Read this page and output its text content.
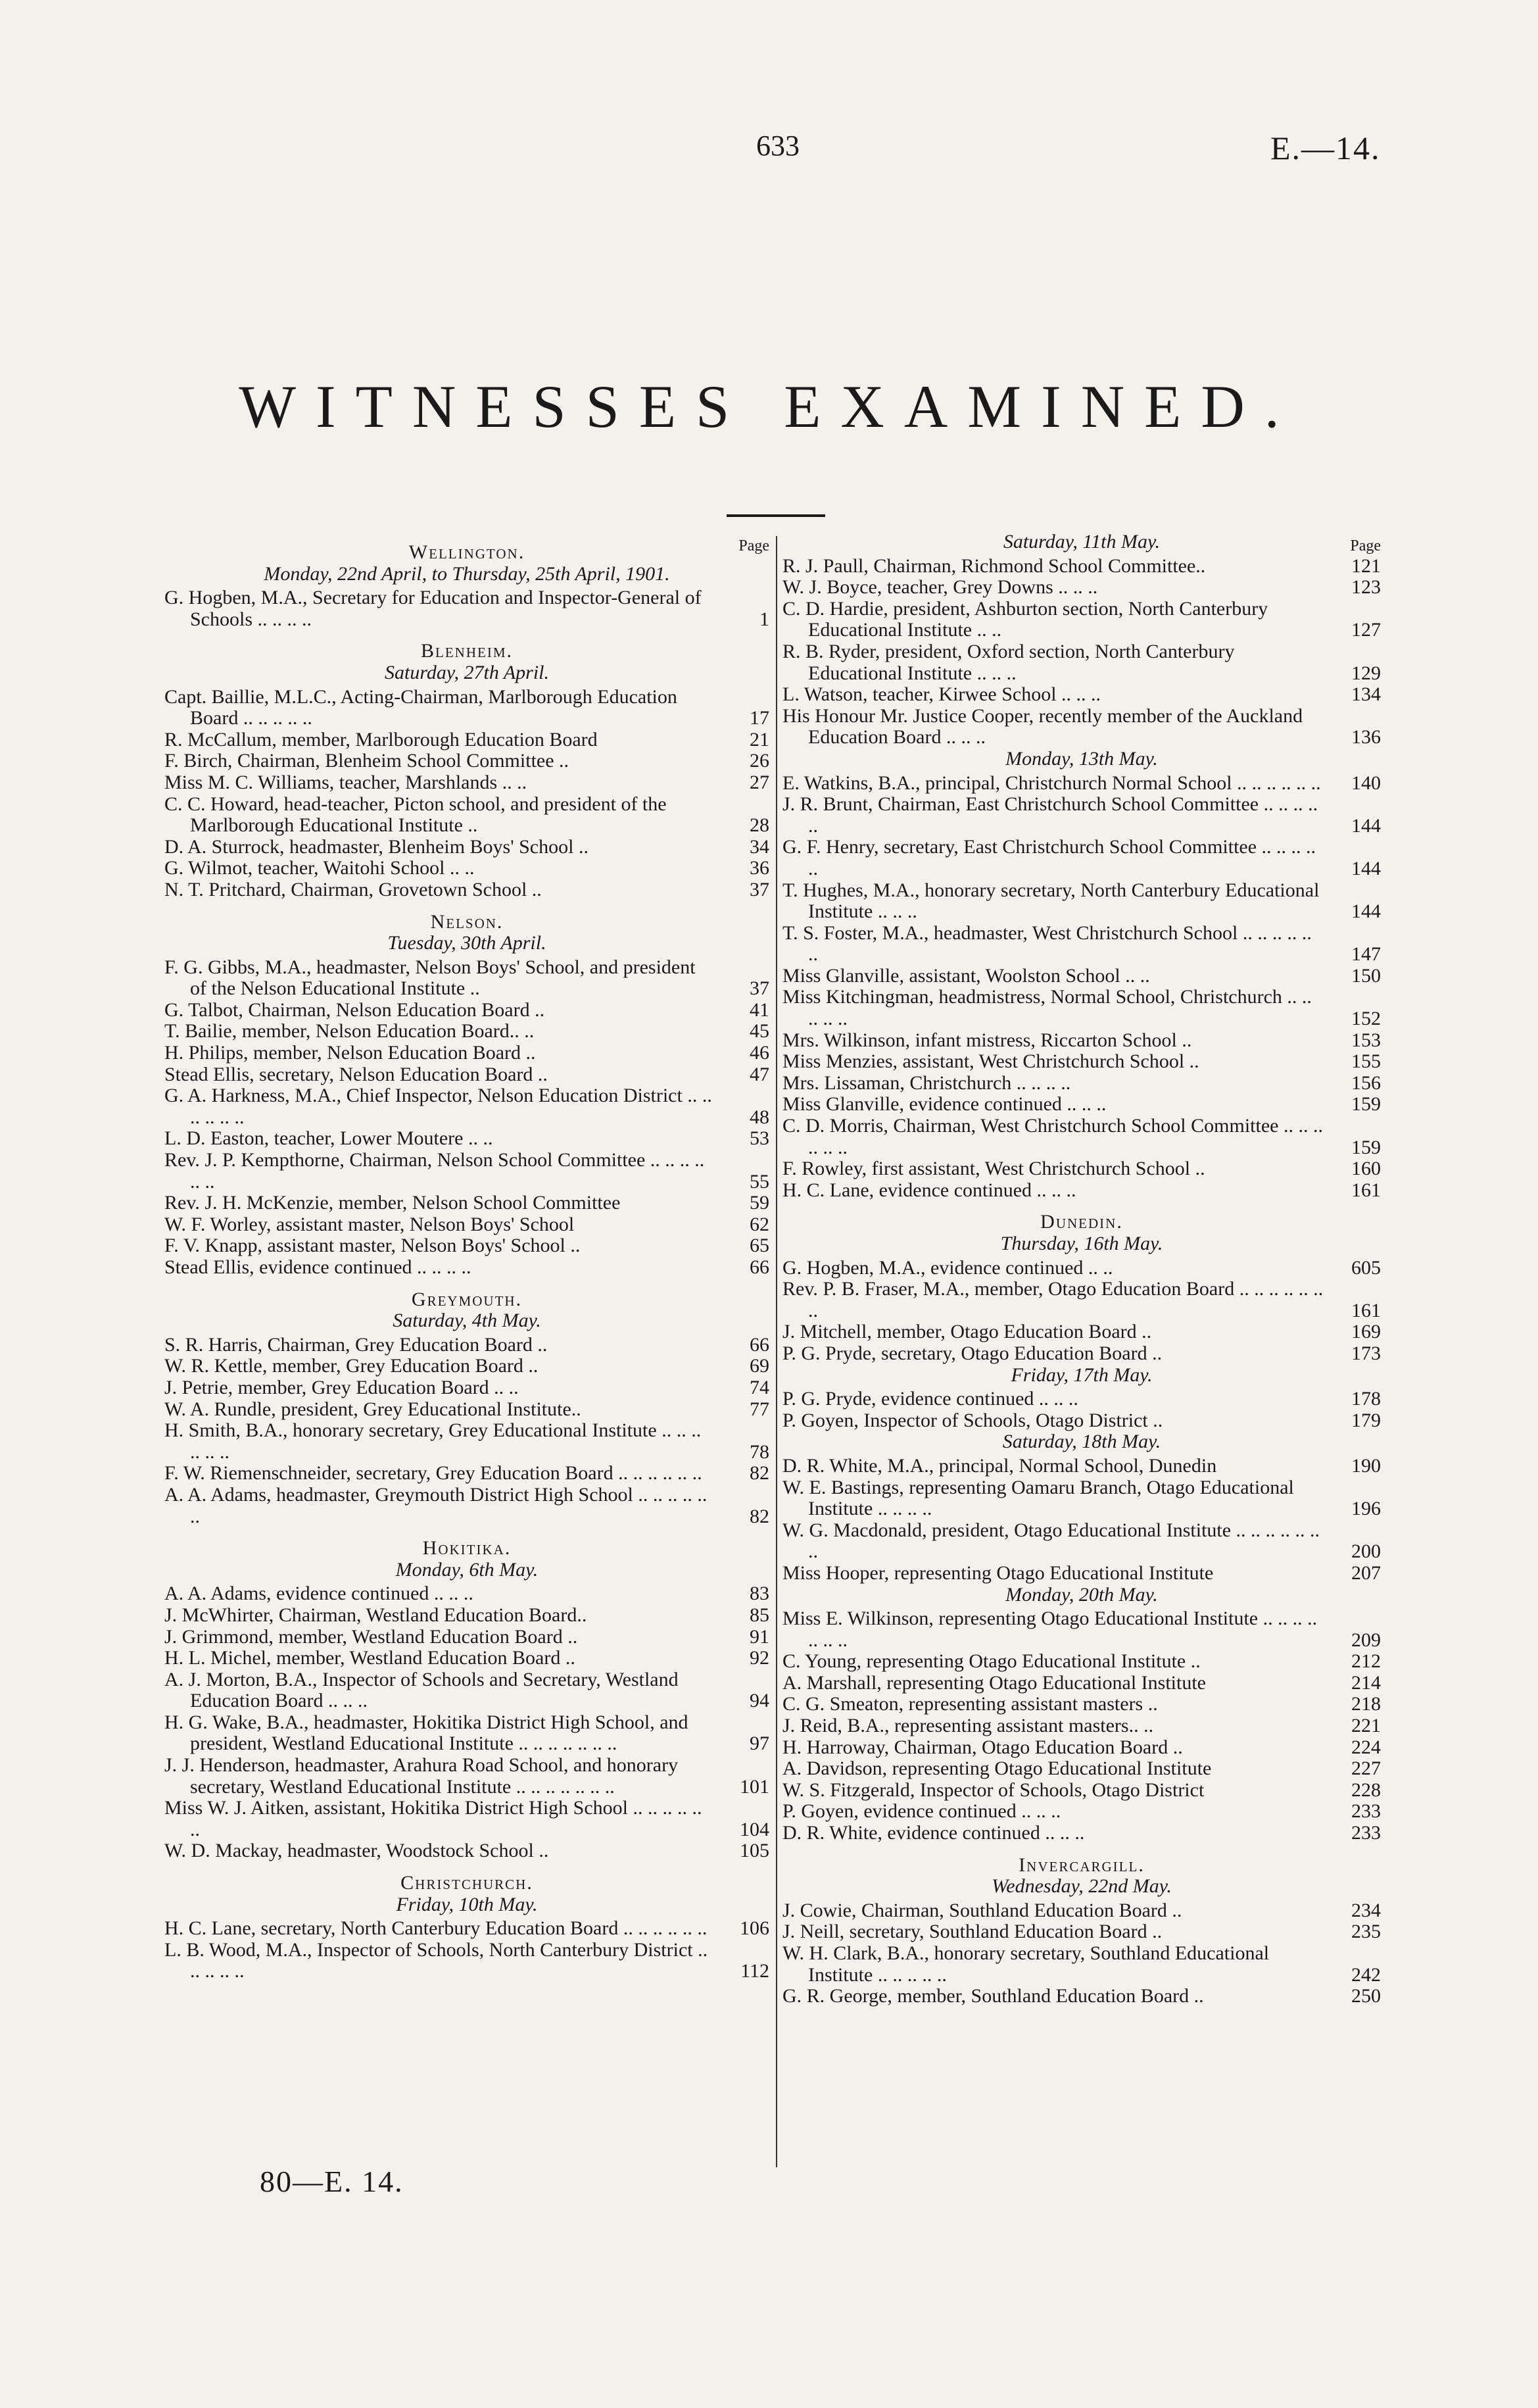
633	E.—14.
WITNESSES EXAMINED.
Page
Wellington.
Monday, 22nd April, to Thursday, 25th April, 1901.
G. Hogben, M.A., Secretary for Education and Inspector-General of Schools .. .. .. ..	1
Blenheim.
Saturday, 27th April.
Capt. Baillie, M.L.C., Acting-Chairman, Marlborough Education Board .. .. .. .. ..	17
R. McCallum, member, Marlborough Education Board	21
F. Birch, Chairman, Blenheim School Committee ..	26
Miss M. C. Williams, teacher, Marshlands .. ..	27
C. C. Howard, head-teacher, Picton school, and president of the Marlborough Educational Institute ..	28
D. A. Sturrock, headmaster, Blenheim Boys' School ..	34
G. Wilmot, teacher, Waitohi School .. ..	36
N. T. Pritchard, Chairman, Grovetown School ..	37
Nelson.
Tuesday, 30th April.
F. G. Gibbs, M.A., headmaster, Nelson Boys' School, and president of the Nelson Educational Institute ..	37
G. Talbot, Chairman, Nelson Education Board ..	41
T. Bailie, member, Nelson Education Board.. ..	45
H. Philips, member, Nelson Education Board ..	46
Stead Ellis, secretary, Nelson Education Board ..	47
G. A. Harkness, M.A., Chief Inspector, Nelson Education District .. .. .. .. .. ..	48
L. D. Easton, teacher, Lower Moutere .. ..	53
Rev. J. P. Kempthorne, Chairman, Nelson School Committee .. .. .. .. .. ..	55
Rev. J. H. McKenzie, member, Nelson School Committee	59
W. F. Worley, assistant master, Nelson Boys' School	62
F. V. Knapp, assistant master, Nelson Boys' School ..	65
Stead Ellis, evidence continued .. .. .. ..	66
Greymouth.
Saturday, 4th May.
S. R. Harris, Chairman, Grey Education Board ..	66
W. R. Kettle, member, Grey Education Board ..	69
J. Petrie, member, Grey Education Board .. ..	74
W. A. Rundle, president, Grey Educational Institute..	77
H. Smith, B.A., honorary secretary, Grey Educational Institute .. .. .. .. .. ..	78
F. W. Riemenschneider, secretary, Grey Education Board .. .. .. .. .. ..	82
A. A. Adams, headmaster, Greymouth District High School .. .. .. .. .. ..	82
Hokitika.
Monday, 6th May.
A. A. Adams, evidence continued .. .. ..	83
J. McWhirter, Chairman, Westland Education Board..	85
J. Grimmond, member, Westland Education Board ..	91
H. L. Michel, member, Westland Education Board ..	92
A. J. Morton, B.A., Inspector of Schools and Secretary, Westland Education Board .. .. ..	94
H. G. Wake, B.A., headmaster, Hokitika District High School, and president, Westland Educational Institute .. .. .. .. .. .. ..	97
J. J. Henderson, headmaster, Arahura Road School, and honorary secretary, Westland Educational Institute .. .. .. .. .. .. ..	101
Miss W. J. Aitken, assistant, Hokitika District High School .. .. .. .. .. ..	104
W. D. Mackay, headmaster, Woodstock School ..	105
Christchurch.
Friday, 10th May.
H. C. Lane, secretary, North Canterbury Education Board .. .. .. .. .. ..	106
L. B. Wood, M.A., Inspector of Schools, North Canterbury District .. .. .. .. ..	112
Page
Saturday, 11th May.
R. J. Paull, Chairman, Richmond School Committee..	121
W. J. Boyce, teacher, Grey Downs .. .. ..	123
C. D. Hardie, president, Ashburton section, North Canterbury Educational Institute .. ..	127
R. B. Ryder, president, Oxford section, North Canterbury Educational Institute .. .. ..	129
L. Watson, teacher, Kirwee School .. .. ..	134
His Honour Mr. Justice Cooper, recently member of the Auckland Education Board .. .. ..	136
Monday, 13th May.
E. Watkins, B.A., principal, Christchurch Normal School .. .. .. .. .. ..	140
J. R. Brunt, Chairman, East Christchurch School Committee .. .. .. .. ..	144
G. F. Henry, secretary, East Christchurch School Committee .. .. .. .. ..	144
T. Hughes, M.A., honorary secretary, North Canterbury Educational Institute .. .. ..	144
T. S. Foster, M.A., headmaster, West Christchurch School .. .. .. .. .. ..	147
Miss Glanville, assistant, Woolston School .. ..	150
Miss Kitchingman, headmistress, Normal School, Christchurch .. .. .. .. ..	152
Mrs. Wilkinson, infant mistress, Riccarton School ..	153
Miss Menzies, assistant, West Christchurch School ..	155
Mrs. Lissaman, Christchurch .. .. .. ..	156
Miss Glanville, evidence continued .. .. ..	159
C. D. Morris, Chairman, West Christchurch School Committee .. .. .. .. .. ..	159
F. Rowley, first assistant, West Christchurch School ..	160
H. C. Lane, evidence continued .. .. ..	161
Dunedin.
Thursday, 16th May.
G. Hogben, M.A., evidence continued .. ..	605
Rev. P. B. Fraser, M.A., member, Otago Education Board .. .. .. .. .. .. ..	161
J. Mitchell, member, Otago Education Board ..	169
P. G. Pryde, secretary, Otago Education Board ..	173
Friday, 17th May.
P. G. Pryde, evidence continued .. .. ..	178
P. Goyen, Inspector of Schools, Otago District ..	179
Saturday, 18th May.
D. R. White, M.A., principal, Normal School, Dunedin	190
W. E. Bastings, representing Oamaru Branch, Otago Educational Institute .. .. .. ..	196
W. G. Macdonald, president, Otago Educational Institute .. .. .. .. .. .. ..	200
Miss Hooper, representing Otago Educational Institute	207
Monday, 20th May.
Miss E. Wilkinson, representing Otago Educational Institute .. .. .. .. .. .. ..	209
C. Young, representing Otago Educational Institute ..	212
A. Marshall, representing Otago Educational Institute	214
C. G. Smeaton, representing assistant masters ..	218
J. Reid, B.A., representing assistant masters.. ..	221
H. Harroway, Chairman, Otago Education Board ..	224
A. Davidson, representing Otago Educational Institute	227
W. S. Fitzgerald, Inspector of Schools, Otago District	228
P. Goyen, evidence continued .. .. ..	233
D. R. White, evidence continued .. .. ..	233
Invercargill.
Wednesday, 22nd May.
J. Cowie, Chairman, Southland Education Board ..	234
J. Neill, secretary, Southland Education Board ..	235
W. H. Clark, B.A., honorary secretary, Southland Educational Institute .. .. .. .. ..	242
G. R. George, member, Southland Education Board ..	250
80—E. 14.
